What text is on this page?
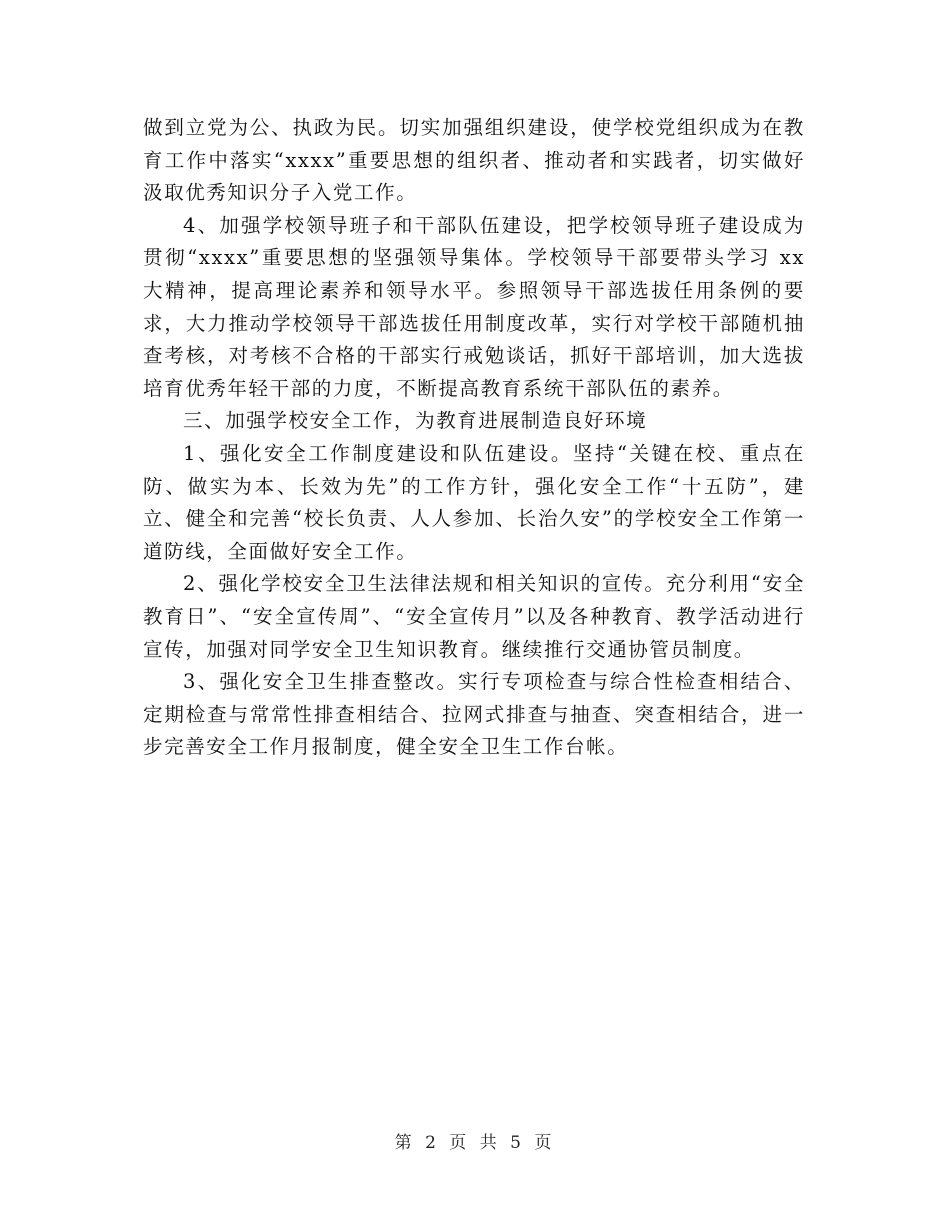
做到立党为公、执政为民。切实加强组织建设，使学校党组织成为在教育工作中落实“xxxx”重要思想的组织者、推动者和实践者，切实做好汲取优秀知识分子入党工作。

4、加强学校领导班子和干部队伍建设，把学校领导班子建设成为贯彻“xxxx”重要思想的坚强领导集体。学校领导干部要带头学习 xx 大精神，提高理论素养和领导水平。参照领导干部选拔任用条例的要求，大力推动学校领导干部选拔任用制度改革，实行对学校干部随机抽查考核，对考核不合格的干部实行戒勉谈话，抓好干部培训，加大选拔培育优秀年轻干部的力度，不断提高教育系统干部队伍的素养。

三、加强学校安全工作，为教育进展制造良好环境

1、强化安全工作制度建设和队伍建设。坚持“关键在校、重点在防、做实为本、长效为先”的工作方针，强化安全工作“十五防”，建立、健全和完善“校长负责、人人参加、长治久安”的学校安全工作第一道防线，全面做好安全工作。

2、强化学校安全卫生法律法规和相关知识的宣传。充分利用“安全教育日”、“安全宣传周”、“安全宣传月”以及各种教育、教学活动进行宣传，加强对同学安全卫生知识教育。继续推行交通协管员制度。

3、强化安全卫生排查整改。实行专项检查与综合性检查相结合、定期检查与常常性排查相结合、拉网式排查与抽查、突查相结合，进一步完善安全工作月报制度，健全安全卫生工作台帐。

第 2 页 共 5 页
